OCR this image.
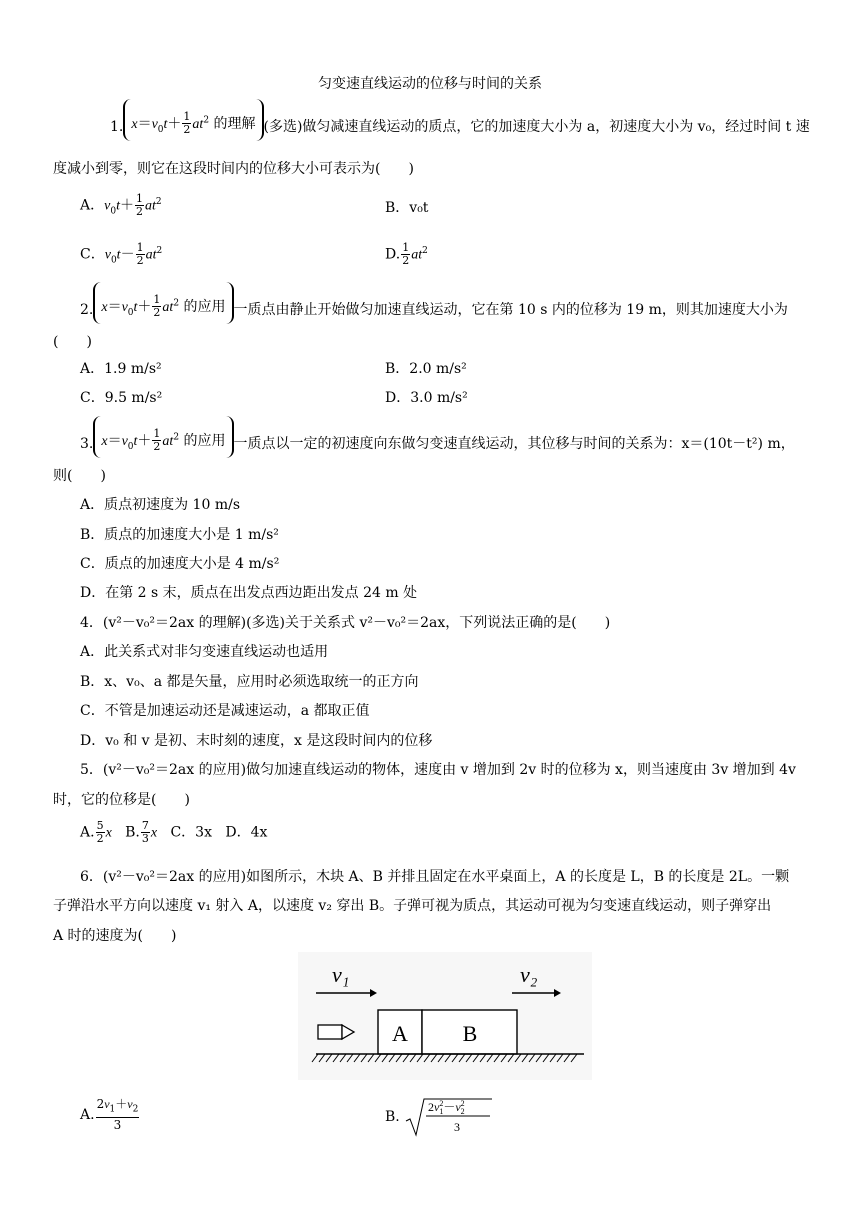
匀变速直线运动的位移与时间的关系
1. $x=v_0t+ \frac{1}{2} at^2$ 的理解 (多选)做匀减速直线运动的质点，它的加速度大小为 a，初速度大小为 v₀，经过时间 t 速
度减小到零，则它在这段时间内的位移大小可表示为(　　)
A．$v_0t+ \frac{1}{2} at^2$	B．v₀t
C．$v_0t- \frac{1}{2} at^2$	D. $\frac{1}{2} at^2$
2. $x=v_0t+ \frac{1}{2} at^2$ 的应用 一质点由静止开始做匀加速直线运动，它在第 10 s 内的位移为 19 m，则其加速度大小为
(　　)
A．1.9 m/s²	B．2.0 m/s²
C．9.5 m/s²	D．3.0 m/s²
3. $x=v_0t+ \frac{1}{2} at^2$ 的应用 一质点以一定的初速度向东做匀变速直线运动，其位移与时间的关系为：x＝(10t－t²) m，
则(　　)
A．质点初速度为 10 m/s
B．质点的加速度大小是 1 m/s²
C．质点的加速度大小是 4 m/s²
D．在第 2 s 末，质点在出发点西边距出发点 24 m 处
4．(v²－v₀²＝2ax 的理解)(多选)关于关系式 v²－v₀²＝2ax，下列说法正确的是(　　)
A．此关系式对非匀变速直线运动也适用
B．x、v₀、a 都是矢量，应用时必须选取统一的正方向
C．不管是加速运动还是减速运动，a 都取正值
D．v₀ 和 v 是初、末时刻的速度，x 是这段时间内的位移
5．(v²－v₀²＝2ax 的应用)做匀加速直线运动的物体，速度由 v 增加到 2v 时的位移为 x，则当速度由 3v 增加到 4v
时，它的位移是(　　)
A. $\frac{5}{2}$ x B. $\frac{7}{3}$ x C．3x D．4x
6．(v²－v₀²＝2ax 的应用)如图所示，木块 A、B 并排且固定在水平桌面上，A 的长度是 L，B 的长度是 2L。一颗
子弹沿水平方向以速度 v₁ 射入 A，以速度 v₂ 穿出 B。子弹可视为质点，其运动可视为匀变速直线运动，则子弹穿出
A 时的速度为(　　)
v₁	v₂
A B
A. $\frac{2v_1+v_2}{3}$	B.
$2v_12-v_22$
3
